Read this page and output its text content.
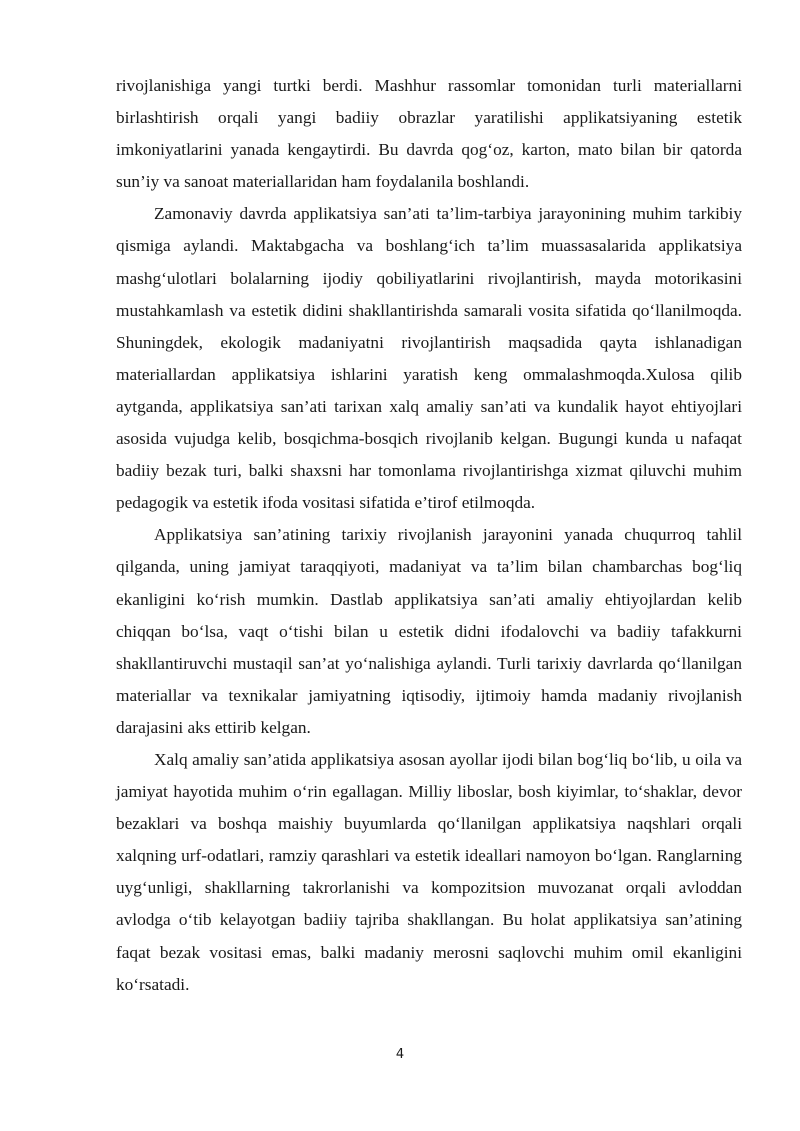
rivojlanishiga yangi turtki berdi. Mashhur rassomlar tomonidan turli materiallarni birlashtirish orqali yangi badiiy obrazlar yaratilishi applikatsiyaning estetik imkoniyatlarini yanada kengaytirdi. Bu davrda qog‘oz, karton, mato bilan bir qatorda sun’iy va sanoat materiallaridan ham foydalanila boshlandi.

Zamonaviy davrda applikatsiya san’ati ta’lim-tarbiya jarayonining muhim tarkibiy qismiga aylandi. Maktabgacha va boshlang‘ich ta’lim muassasalarida applikatsiya mashg‘ulotlari bolalarning ijodiy qobiliyatlarini rivojlantirish, mayda motorikasini mustahkamlash va estetik didini shakllantirishda samarali vosita sifatida qo‘llanilmoqda. Shuningdek, ekologik madaniyatni rivojlantirish maqsadida qayta ishlanadigan materiallardan applikatsiya ishlarini yaratish keng ommalashmoqda.Xulosa qilib aytganda, applikatsiya san’ati tarixan xalq amaliy san’ati va kundalik hayot ehtiyojlari asosida vujudga kelib, bosqichma-bosqich rivojlanib kelgan. Bugungi kunda u nafaqat badiiy bezak turi, balki shaxsni har tomonlama rivojlantirishga xizmat qiluvchi muhim pedagogik va estetik ifoda vositasi sifatida e’tirof etilmoqda.

Applikatsiya san’atining tarixiy rivojlanish jarayonini yanada chuqurroq tahlil qilganda, uning jamiyat taraqqiyoti, madaniyat va ta’lim bilan chambarchas bog‘liq ekanligini ko‘rish mumkin. Dastlab applikatsiya san’ati amaliy ehtiyojlardan kelib chiqqan bo‘lsa, vaqt o‘tishi bilan u estetik didni ifodalovchi va badiiy tafakkurni shakllantiruvchi mustaqil san’at yo‘nalishiga aylandi. Turli tarixiy davrlarda qo‘llanilgan materiallar va texnikalar jamiyatning iqtisodiy, ijtimoiy hamda madaniy rivojlanish darajasini aks ettirib kelgan.

Xalq amaliy san’atida applikatsiya asosan ayollar ijodi bilan bog‘liq bo‘lib, u oila va jamiyat hayotida muhim o‘rin egallagan. Milliy liboslar, bosh kiyimlar, to‘shaklar, devor bezaklari va boshqa maishiy buyumlarda qo‘llanilgan applikatsiya naqshlari orqali xalqning urf-odatlari, ramziy qarashlari va estetik ideallari namoyon bo‘lgan. Ranglarning uyg‘unligi, shakllarning takrorlanishi va kompozitsion muvozanat orqali avloddan avlodga o‘tib kelayotgan badiiy tajriba shakllangan. Bu holat applikatsiya san’atining faqat bezak vositasi emas, balki madaniy merosni saqlovchi muhim omil ekanligini ko‘rsatadi.

4
